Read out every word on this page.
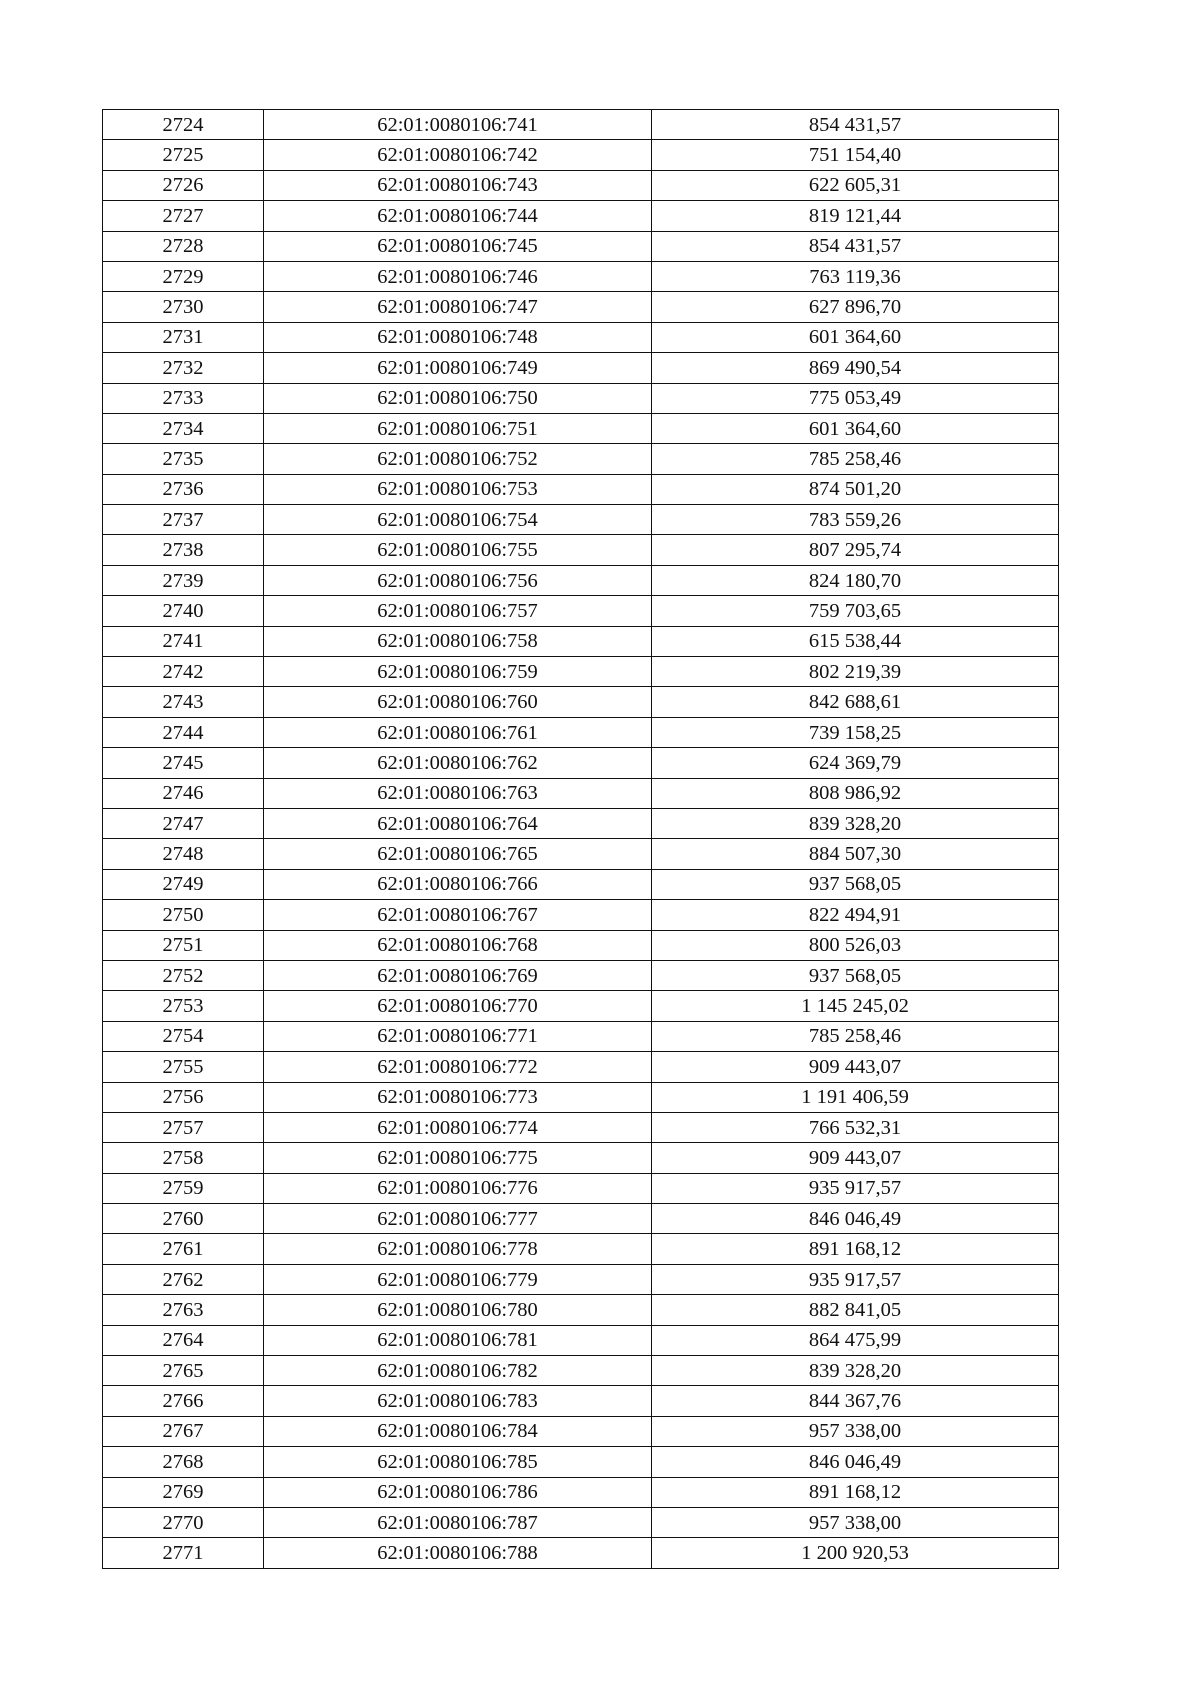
2724	62:01:0080106:741	854 431,57
2725	62:01:0080106:742	751 154,40
2726	62:01:0080106:743	622 605,31
2727	62:01:0080106:744	819 121,44
2728	62:01:0080106:745	854 431,57
2729	62:01:0080106:746	763 119,36
2730	62:01:0080106:747	627 896,70
2731	62:01:0080106:748	601 364,60
2732	62:01:0080106:749	869 490,54
2733	62:01:0080106:750	775 053,49
2734	62:01:0080106:751	601 364,60
2735	62:01:0080106:752	785 258,46
2736	62:01:0080106:753	874 501,20
2737	62:01:0080106:754	783 559,26
2738	62:01:0080106:755	807 295,74
2739	62:01:0080106:756	824 180,70
2740	62:01:0080106:757	759 703,65
2741	62:01:0080106:758	615 538,44
2742	62:01:0080106:759	802 219,39
2743	62:01:0080106:760	842 688,61
2744	62:01:0080106:761	739 158,25
2745	62:01:0080106:762	624 369,79
2746	62:01:0080106:763	808 986,92
2747	62:01:0080106:764	839 328,20
2748	62:01:0080106:765	884 507,30
2749	62:01:0080106:766	937 568,05
2750	62:01:0080106:767	822 494,91
2751	62:01:0080106:768	800 526,03
2752	62:01:0080106:769	937 568,05
2753	62:01:0080106:770	1 145 245,02
2754	62:01:0080106:771	785 258,46
2755	62:01:0080106:772	909 443,07
2756	62:01:0080106:773	1 191 406,59
2757	62:01:0080106:774	766 532,31
2758	62:01:0080106:775	909 443,07
2759	62:01:0080106:776	935 917,57
2760	62:01:0080106:777	846 046,49
2761	62:01:0080106:778	891 168,12
2762	62:01:0080106:779	935 917,57
2763	62:01:0080106:780	882 841,05
2764	62:01:0080106:781	864 475,99
2765	62:01:0080106:782	839 328,20
2766	62:01:0080106:783	844 367,76
2767	62:01:0080106:784	957 338,00
2768	62:01:0080106:785	846 046,49
2769	62:01:0080106:786	891 168,12
2770	62:01:0080106:787	957 338,00
2771	62:01:0080106:788	1 200 920,53
